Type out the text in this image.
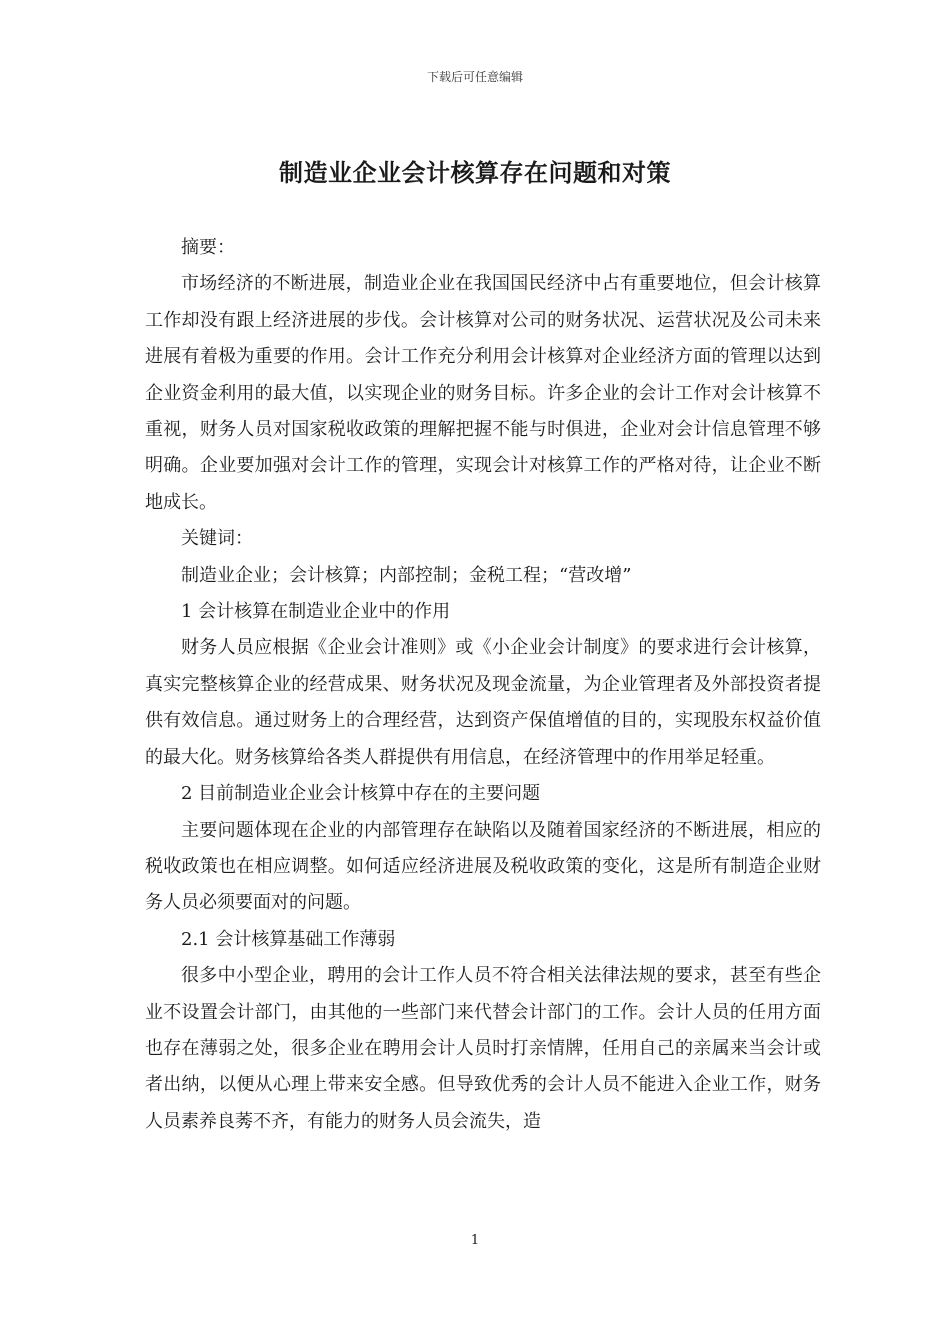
下载后可任意编辑
制造业企业会计核算存在问题和对策

摘要：

市场经济的不断进展，制造业企业在我国国民经济中占有重要地位，但会计核算工作却没有跟上经济进展的步伐。会计核算对公司的财务状况、运营状况及公司未来进展有着极为重要的作用。会计工作充分利用会计核算对企业经济方面的管理以达到企业资金利用的最大值，以实现企业的财务目标。许多企业的会计工作对会计核算不重视，财务人员对国家税收政策的理解把握不能与时俱进，企业对会计信息管理不够明确。企业要加强对会计工作的管理，实现会计对核算工作的严格对待，让企业不断地成长。

关键词：

制造业企业；会计核算；内部控制；金税工程；“营改增”

1 会计核算在制造业企业中的作用

财务人员应根据《企业会计准则》或《小企业会计制度》的要求进行会计核算，真实完整核算企业的经营成果、财务状况及现金流量，为企业管理者及外部投资者提供有效信息。通过财务上的合理经营，达到资产保值增值的目的，实现股东权益价值的最大化。财务核算给各类人群提供有用信息，在经济管理中的作用举足轻重。

2 目前制造业企业会计核算中存在的主要问题

主要问题体现在企业的内部管理存在缺陷以及随着国家经济的不断进展，相应的税收政策也在相应调整。如何适应经济进展及税收政策的变化，这是所有制造企业财务人员必须要面对的问题。

2.1 会计核算基础工作薄弱

很多中小型企业，聘用的会计工作人员不符合相关法律法规的要求，甚至有些企业不设置会计部门，由其他的一些部门来代替会计部门的工作。会计人员的任用方面也存在薄弱之处，很多企业在聘用会计人员时打亲情牌，任用自己的亲属来当会计或者出纳，以便从心理上带来安全感。但导致优秀的会计人员不能进入企业工作，财务人员素养良莠不齐，有能力的财务人员会流失，造

1
